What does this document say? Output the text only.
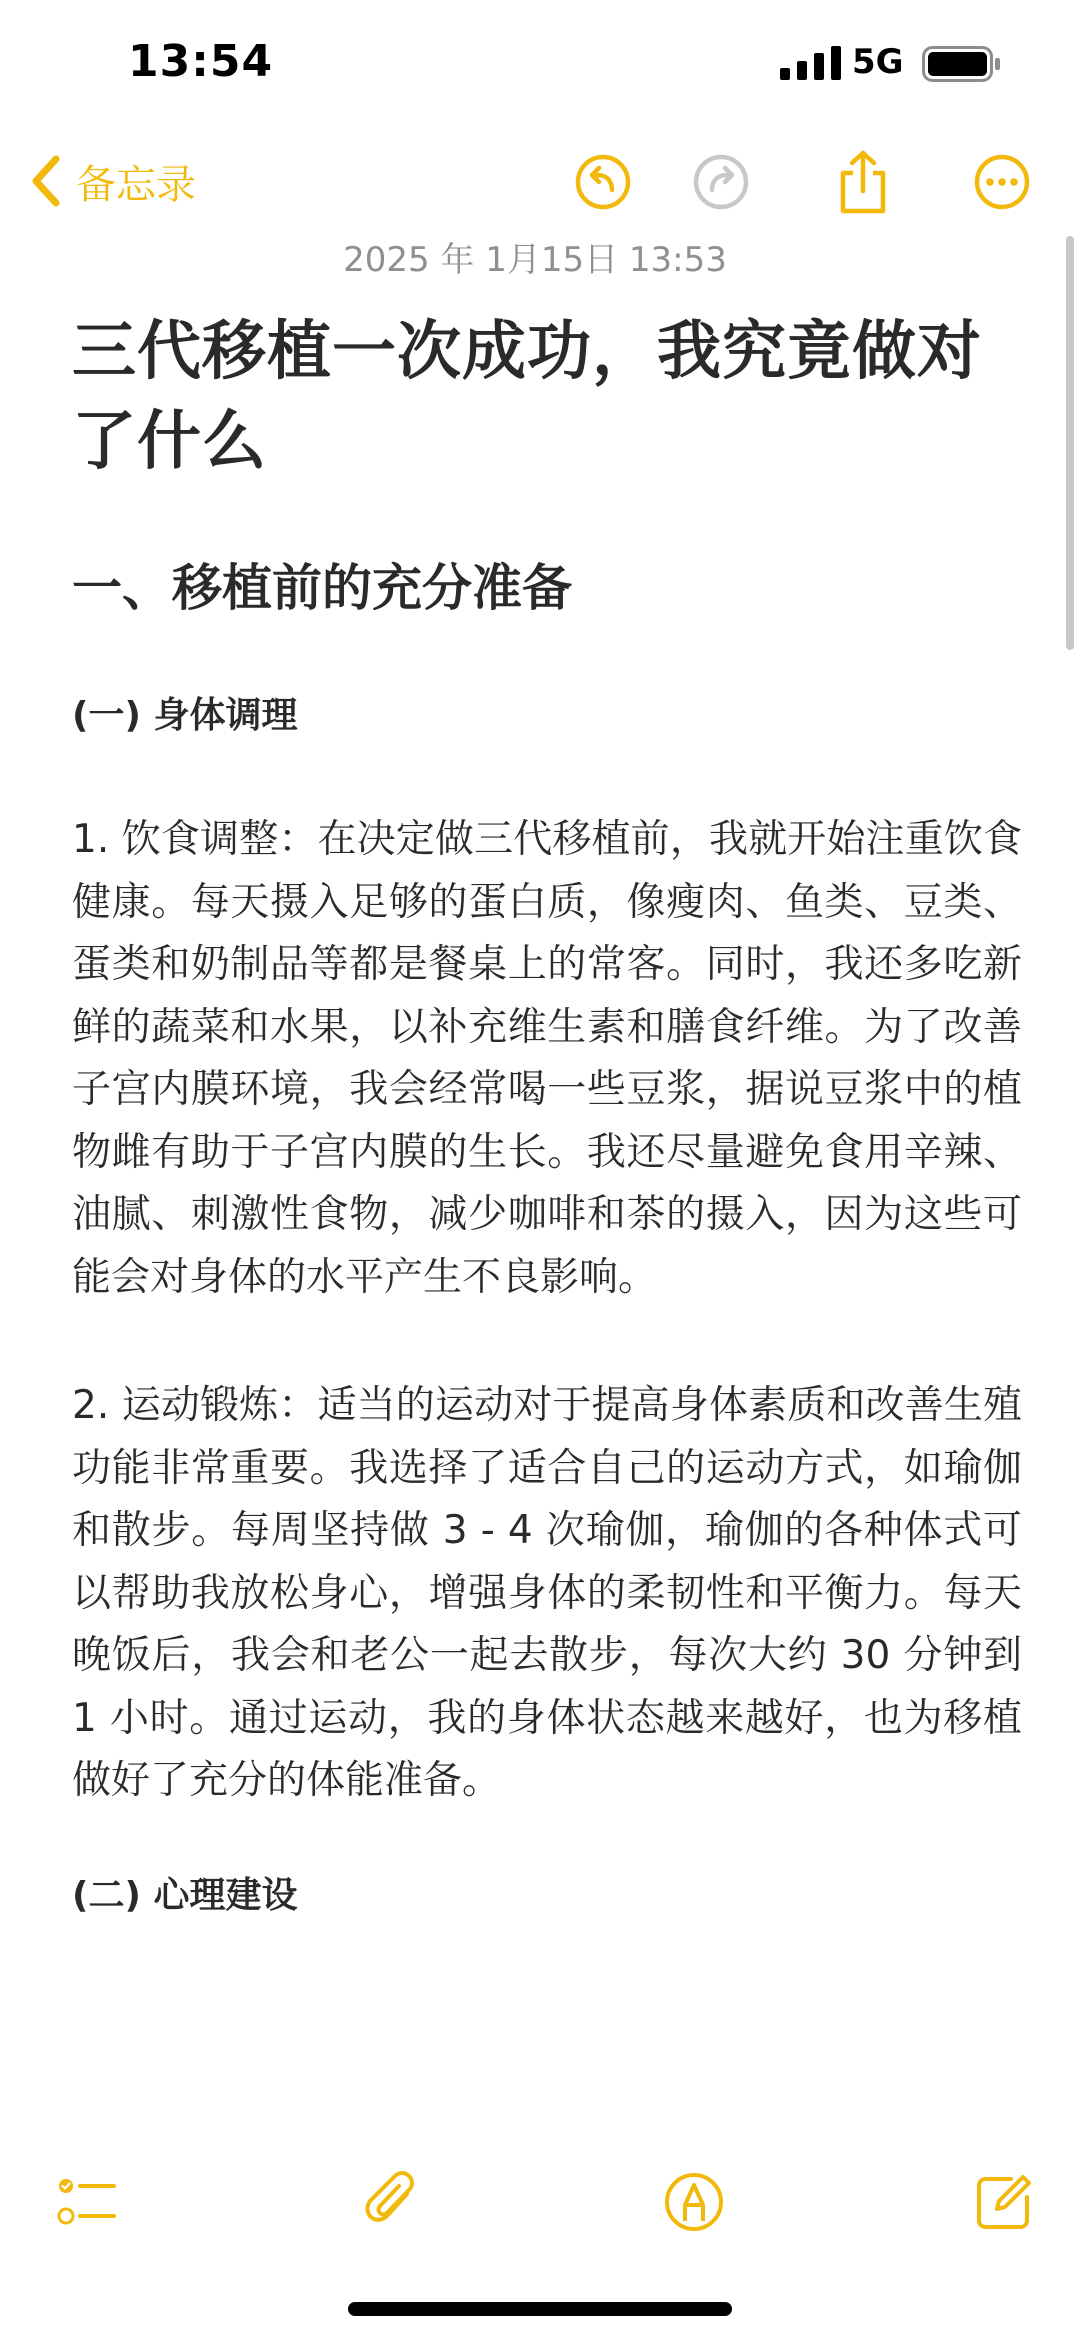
13:54	5G
备忘录
2025 年 1月15日 13:53
三代移植一次成功，我究竟做对了什么
一、移植前的充分准备
(一) 身体调理

1. 饮食调整：在决定做三代移植前，我就开始注重饮食健康。每天摄入足够的蛋白质，像瘦肉、鱼类、豆类、蛋类和奶制品等都是餐桌上的常客。同时，我还多吃新鲜的蔬菜和水果，以补充维生素和膳食纤维。为了改善子宫内膜环境，我会经常喝一些豆浆，据说豆浆中的植物雌有助于子宫内膜的生长。我还尽量避免食用辛辣、油腻、刺激性食物，减少咖啡和茶的摄入，因为这些可能会对身体的水平产生不良影响。

2. 运动锻炼：适当的运动对于提高身体素质和改善生殖功能非常重要。我选择了适合自己的运动方式，如瑜伽和散步。每周坚持做 3 - 4 次瑜伽，瑜伽的各种体式可以帮助我放松身心，增强身体的柔韧性和平衡力。每天晚饭后，我会和老公一起去散步，每次大约 30 分钟到 1 小时。通过运动，我的身体状态越来越好，也为移植做好了充分的体能准备。

(二) 心理建设
